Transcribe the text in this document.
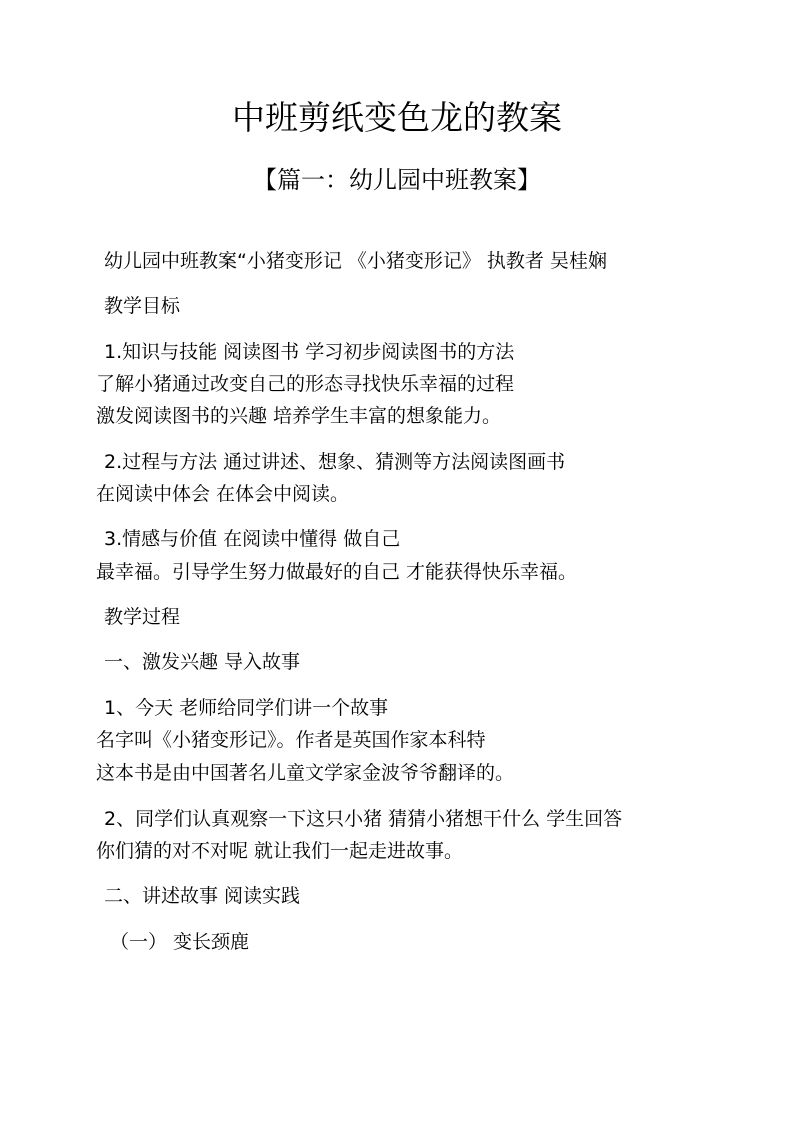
中班剪纸变色龙的教案
【篇一：幼儿园中班教案】
幼儿园中班教案“小猪变形记 《小猪变形记》 执教者 吴桂娴
教学目标
1.知识与技能 阅读图书 学习初步阅读图书的方法
了解小猪通过改变自己的形态寻找快乐幸福的过程
激发阅读图书的兴趣 培养学生丰富的想象能力。
2.过程与方法 通过讲述、想象、猜测等方法阅读图画书
在阅读中体会 在体会中阅读。
3.情感与价值 在阅读中懂得 做自己
最幸福。引导学生努力做最好的自己 才能获得快乐幸福。
教学过程
一、激发兴趣 导入故事
1、今天 老师给同学们讲一个故事
名字叫《小猪变形记》。作者是英国作家本科特
这本书是由中国著名儿童文学家金波爷爷翻译的。
2、同学们认真观察一下这只小猪 猜猜小猪想干什么 学生回答
你们猜的对不对呢 就让我们一起走进故事。
二、讲述故事 阅读实践
（一） 变长颈鹿
